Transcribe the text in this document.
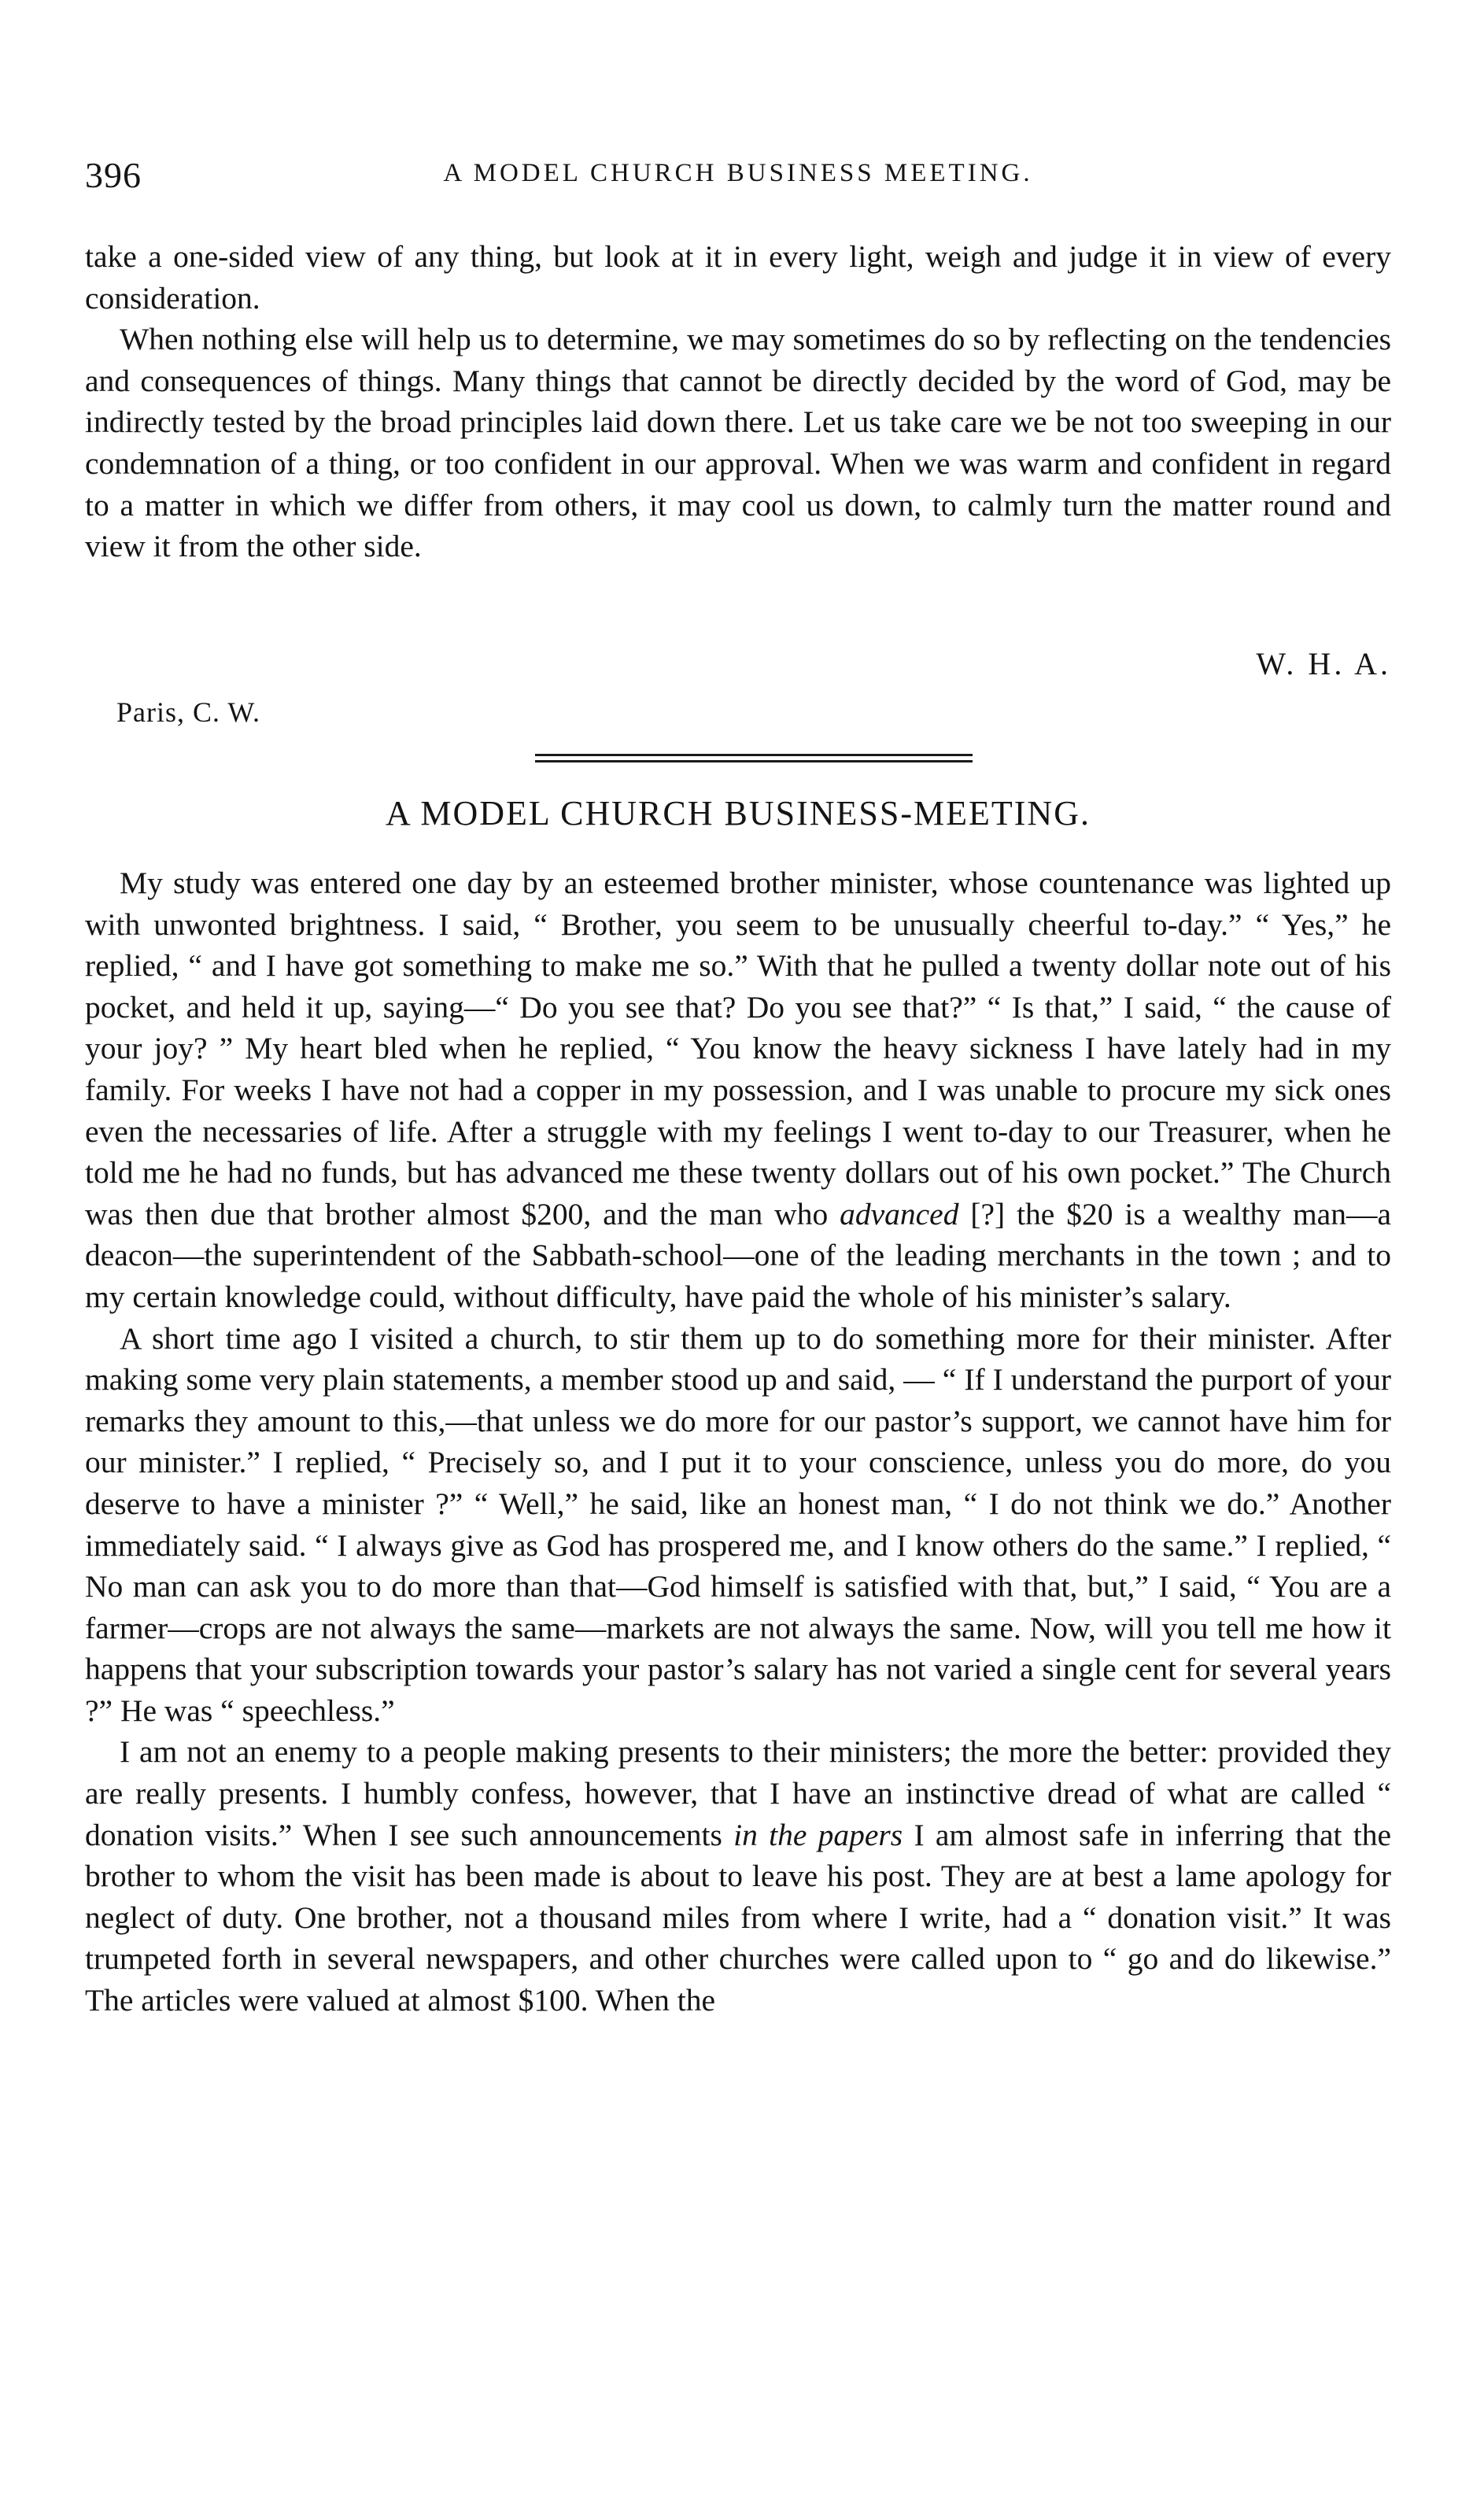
396	A MODEL CHURCH BUSINESS MEETING.

take a one-sided view of any thing, but look at it in every light, weigh and judge it in view of every consideration.

When nothing else will help us to determine, we may sometimes do so by reflecting on the tendencies and consequences of things. Many things that cannot be directly decided by the word of God, may be indirectly tested by the broad principles laid down there. Let us take care we be not too sweeping in our condemnation of a thing, or too confident in our approval. When we was warm and confident in regard to a matter in which we differ from others, it may cool us down, to calmly turn the matter round and view it from the other side.

W. H. A.
Paris, C. W.
A MODEL CHURCH BUSINESS-MEETING.

My study was entered one day by an esteemed brother minister, whose countenance was lighted up with unwonted brightness. I said, “ Brother, you seem to be unusually cheerful to-day.” “ Yes,” he replied, “ and I have got something to make me so.” With that he pulled a twenty dollar note out of his pocket, and held it up, saying—“ Do you see that? Do you see that?” “ Is that,” I said, “ the cause of your joy? ” My heart bled when he replied, “ You know the heavy sickness I have lately had in my family. For weeks I have not had a copper in my possession, and I was unable to procure my sick ones even the necessaries of life. After a struggle with my feelings I went to-day to our Treasurer, when he told me he had no funds, but has advanced me these twenty dollars out of his own pocket.” The Church was then due that brother almost $200, and the man who advanced [?] the $20 is a wealthy man—a deacon—the superintendent of the Sabbath-school—one of the leading merchants in the town ; and to my certain knowledge could, without difficulty, have paid the whole of his minister’s salary.

A short time ago I visited a church, to stir them up to do something more for their minister. After making some very plain statements, a member stood up and said, — “ If I understand the purport of your remarks they amount to this,—that unless we do more for our pastor’s support, we cannot have him for our minister.” I replied, “ Precisely so, and I put it to your conscience, unless you do more, do you deserve to have a minister ?” “ Well,” he said, like an honest man, “ I do not think we do.” Another immediately said. “ I always give as God has prospered me, and I know others do the same.” I replied, “ No man can ask you to do more than that—God himself is satisfied with that, but,” I said, “ You are a farmer—crops are not always the same—markets are not always the same. Now, will you tell me how it happens that your subscription towards your pastor’s salary has not varied a single cent for several years ?” He was “ speechless.”

I am not an enemy to a people making presents to their ministers; the more the better: provided they are really presents. I humbly confess, however, that I have an instinctive dread of what are called “ donation visits.” When I see such announcements in the papers I am almost safe in inferring that the brother to whom the visit has been made is about to leave his post. They are at best a lame apology for neglect of duty. One brother, not a thousand miles from where I write, had a “ donation visit.” It was trumpeted forth in several newspapers, and other churches were called upon to “ go and do likewise.” The articles were valued at almost $100. When the
